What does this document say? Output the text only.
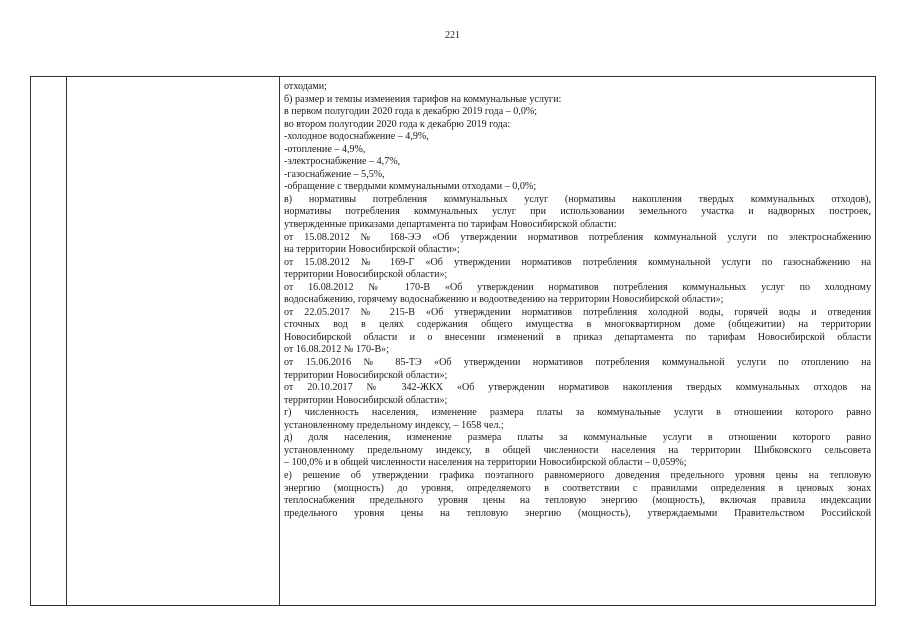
221
отходами;
б) размер и темпы изменения тарифов на коммунальные услуги:
в первом полугодии 2020 года к декабрю 2019 года – 0,0%;
во втором полугодии 2020 года к декабрю 2019 года:
-холодное водоснабжение – 4,9%,
-отопление – 4,9%,
-электроснабжение – 4,7%,
-газоснабжение – 5,5%,
-обращение с твердыми коммунальными отходами – 0,0%;
в) нормативы потребления коммунальных услуг (нормативы накопления твердых коммунальных отходов),
нормативы потребления коммунальных услуг при использовании земельного участка и надворных построек,
утвержденные приказами департамента по тарифам Новосибирской области:
от 15.08.2012 № 168-ЭЭ «Об утверждении нормативов потребления коммунальной услуги по электроснабжению
на территории Новосибирской области»;
от 15.08.2012 № 169-Г «Об утверждении нормативов потребления коммунальной услуги по газоснабжению на
территории Новосибирской области»;
от 16.08.2012 № 170-В «Об утверждении нормативов потребления коммунальных услуг по холодному
водоснабжению, горячему водоснабжению и водоотведению на территории Новосибирской области»;
от 22.05.2017 № 215-В «Об утверждении нормативов потребления холодной воды, горячей воды и отведения
сточных вод в целях содержания общего имущества в многоквартирном доме (общежитии) на территории
Новосибирской области и о внесении изменений в приказ департамента по тарифам Новосибирской области
от 16.08.2012 № 170-В»;
от 15.06.2016 № 85-ТЭ «Об утверждении нормативов потребления коммунальной услуги по отоплению на
территории Новосибирской области»;
от 20.10.2017 № 342-ЖКХ «Об утверждении нормативов накопления твердых коммунальных отходов на
территории Новосибирской области»;
г) численность населения, изменение размера платы за коммунальные услуги в отношении которого равно
установленному предельному индексу, – 1658 чел.;
д) доля населения, изменение размера платы за коммунальные услуги в отношении которого равно
установленному предельному индексу, в общей численности населения на территории Шибковского сельсовета
– 100,0% и в общей численности населения на территории Новосибирской области – 0,059%;
е) решение об утверждении графика поэтапного равномерного доведения предельного уровня цены на тепловую
энергию (мощность) до уровня, определяемого в соответствии с правилами определения в ценовых зонах
теплоснабжения предельного уровня цены на тепловую энергию (мощность), включая правила индексации
предельного уровня цены на тепловую энергию (мощность), утверждаемыми Правительством Российской
